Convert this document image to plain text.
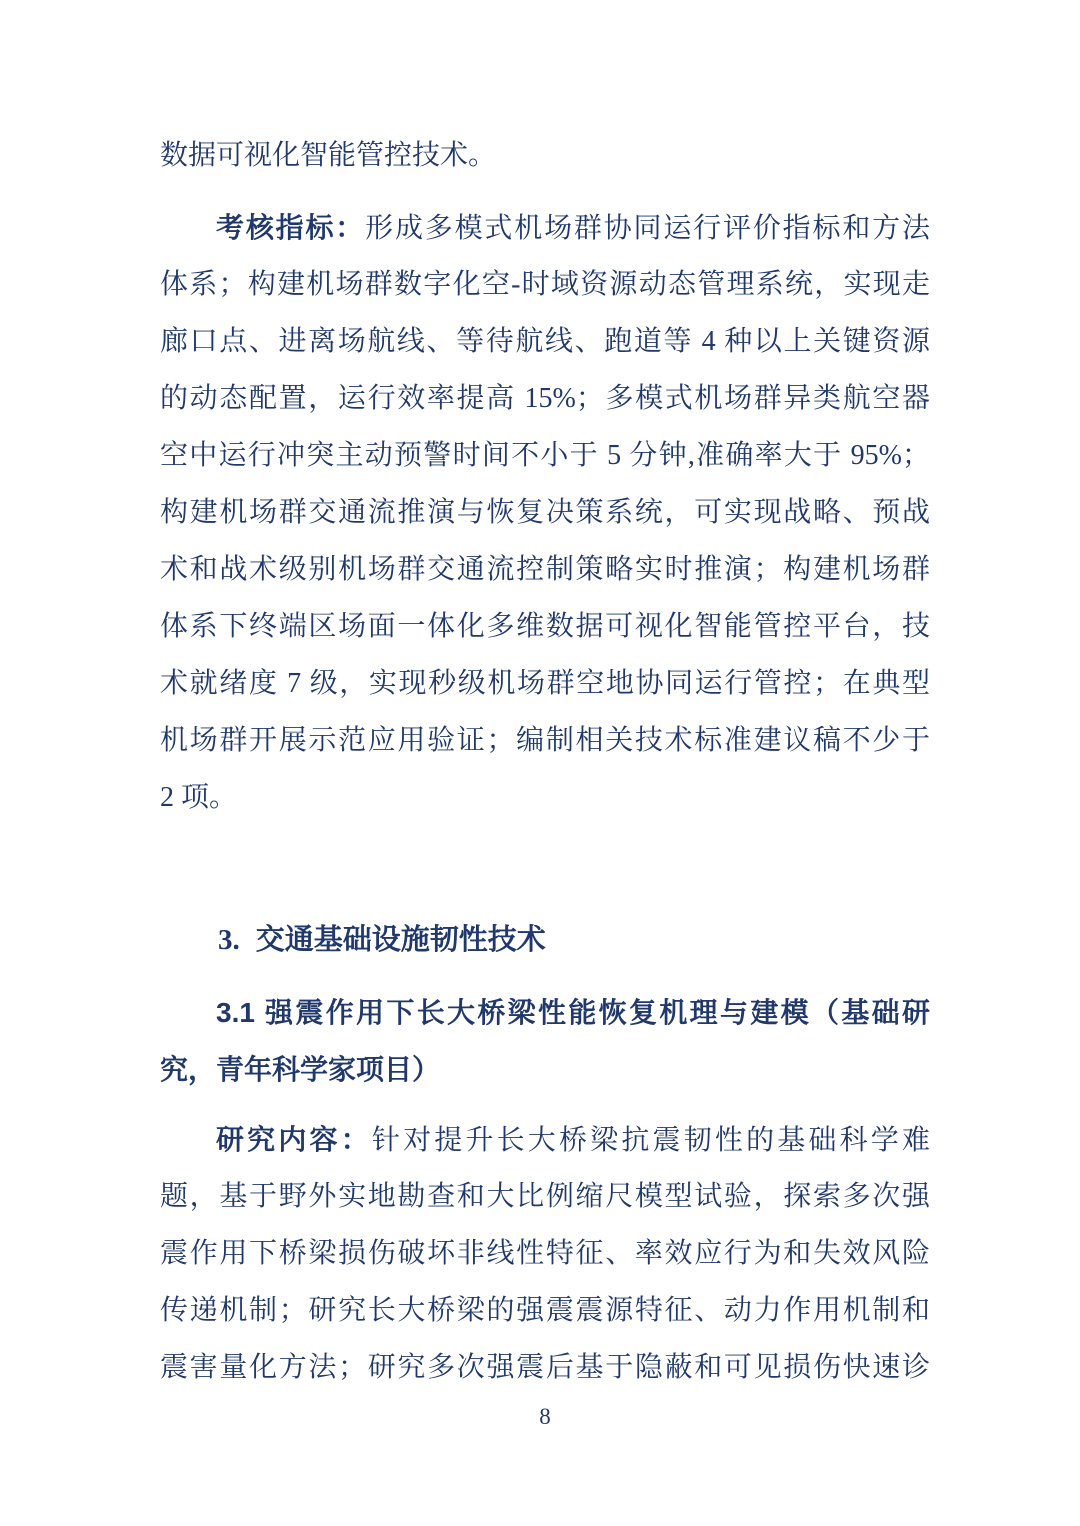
数据可视化智能管控技术。
考核指标：形成多模式机场群协同运行评价指标和方法
体系；构建机场群数字化空-时域资源动态管理系统，实现走
廊口点、进离场航线、等待航线、跑道等 4 种以上关键资源
的动态配置，运行效率提高 15%；多模式机场群异类航空器
空中运行冲突主动预警时间不小于 5 分钟,准确率大于 95%；
构建机场群交通流推演与恢复决策系统，可实现战略、预战
术和战术级别机场群交通流控制策略实时推演；构建机场群
体系下终端区场面一体化多维数据可视化智能管控平台，技
术就绪度 7 级，实现秒级机场群空地协同运行管控；在典型
机场群开展示范应用验证；编制相关技术标准建议稿不少于
2 项。
3. 交通基础设施韧性技术
3.1 强震作用下长大桥梁性能恢复机理与建模（基础研
究，青年科学家项目）
研究内容：针对提升长大桥梁抗震韧性的基础科学难
题，基于野外实地勘查和大比例缩尺模型试验，探索多次强
震作用下桥梁损伤破坏非线性特征、率效应行为和失效风险
传递机制；研究长大桥梁的强震震源特征、动力作用机制和
震害量化方法；研究多次强震后基于隐蔽和可见损伤快速诊
8
